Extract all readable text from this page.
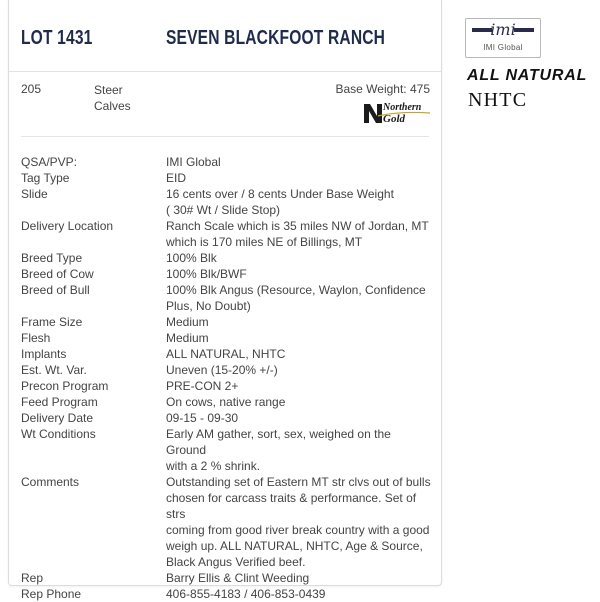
LOT 1431	SEVEN BLACKFOOT RANCH
205	Steer
Calves
Base Weight: 475
Northern
Gold
QSA/PVP:	IMI Global
Tag Type	EID
Slide	16 cents over / 8 cents Under Base Weight
( 30# Wt / Slide Stop)
Delivery Location	Ranch Scale which is 35 miles NW of Jordan, MT
which is 170 miles NE of Billings, MT
Breed Type	100% Blk
Breed of Cow	100% Blk/BWF
Breed of Bull	100% Blk Angus (Resource, Waylon, Confidence
Plus, No Doubt)
Frame Size	Medium
Flesh	Medium
Implants	ALL NATURAL, NHTC
Est. Wt. Var.	Uneven (15-20% +/-)
Precon Program	PRE-CON 2+
Feed Program	On cows, native range
Delivery Date	09-15 - 09-30
Wt Conditions	Early AM gather, sort, sex, weighed on the Ground
with a 2 % shrink.
Comments	Outstanding set of Eastern MT str clvs out of bulls
chosen for carcass traits & performance. Set of strs
coming from good river break country with a good
weigh up. ALL NATURAL, NHTC, Age & Source,
Black Angus Verified beef.
Rep	Barry Ellis & Clint Weeding
Rep Phone	406-855-4183 / 406-853-0439
imi
IMI Global
ALL NATURAL
NHTC
